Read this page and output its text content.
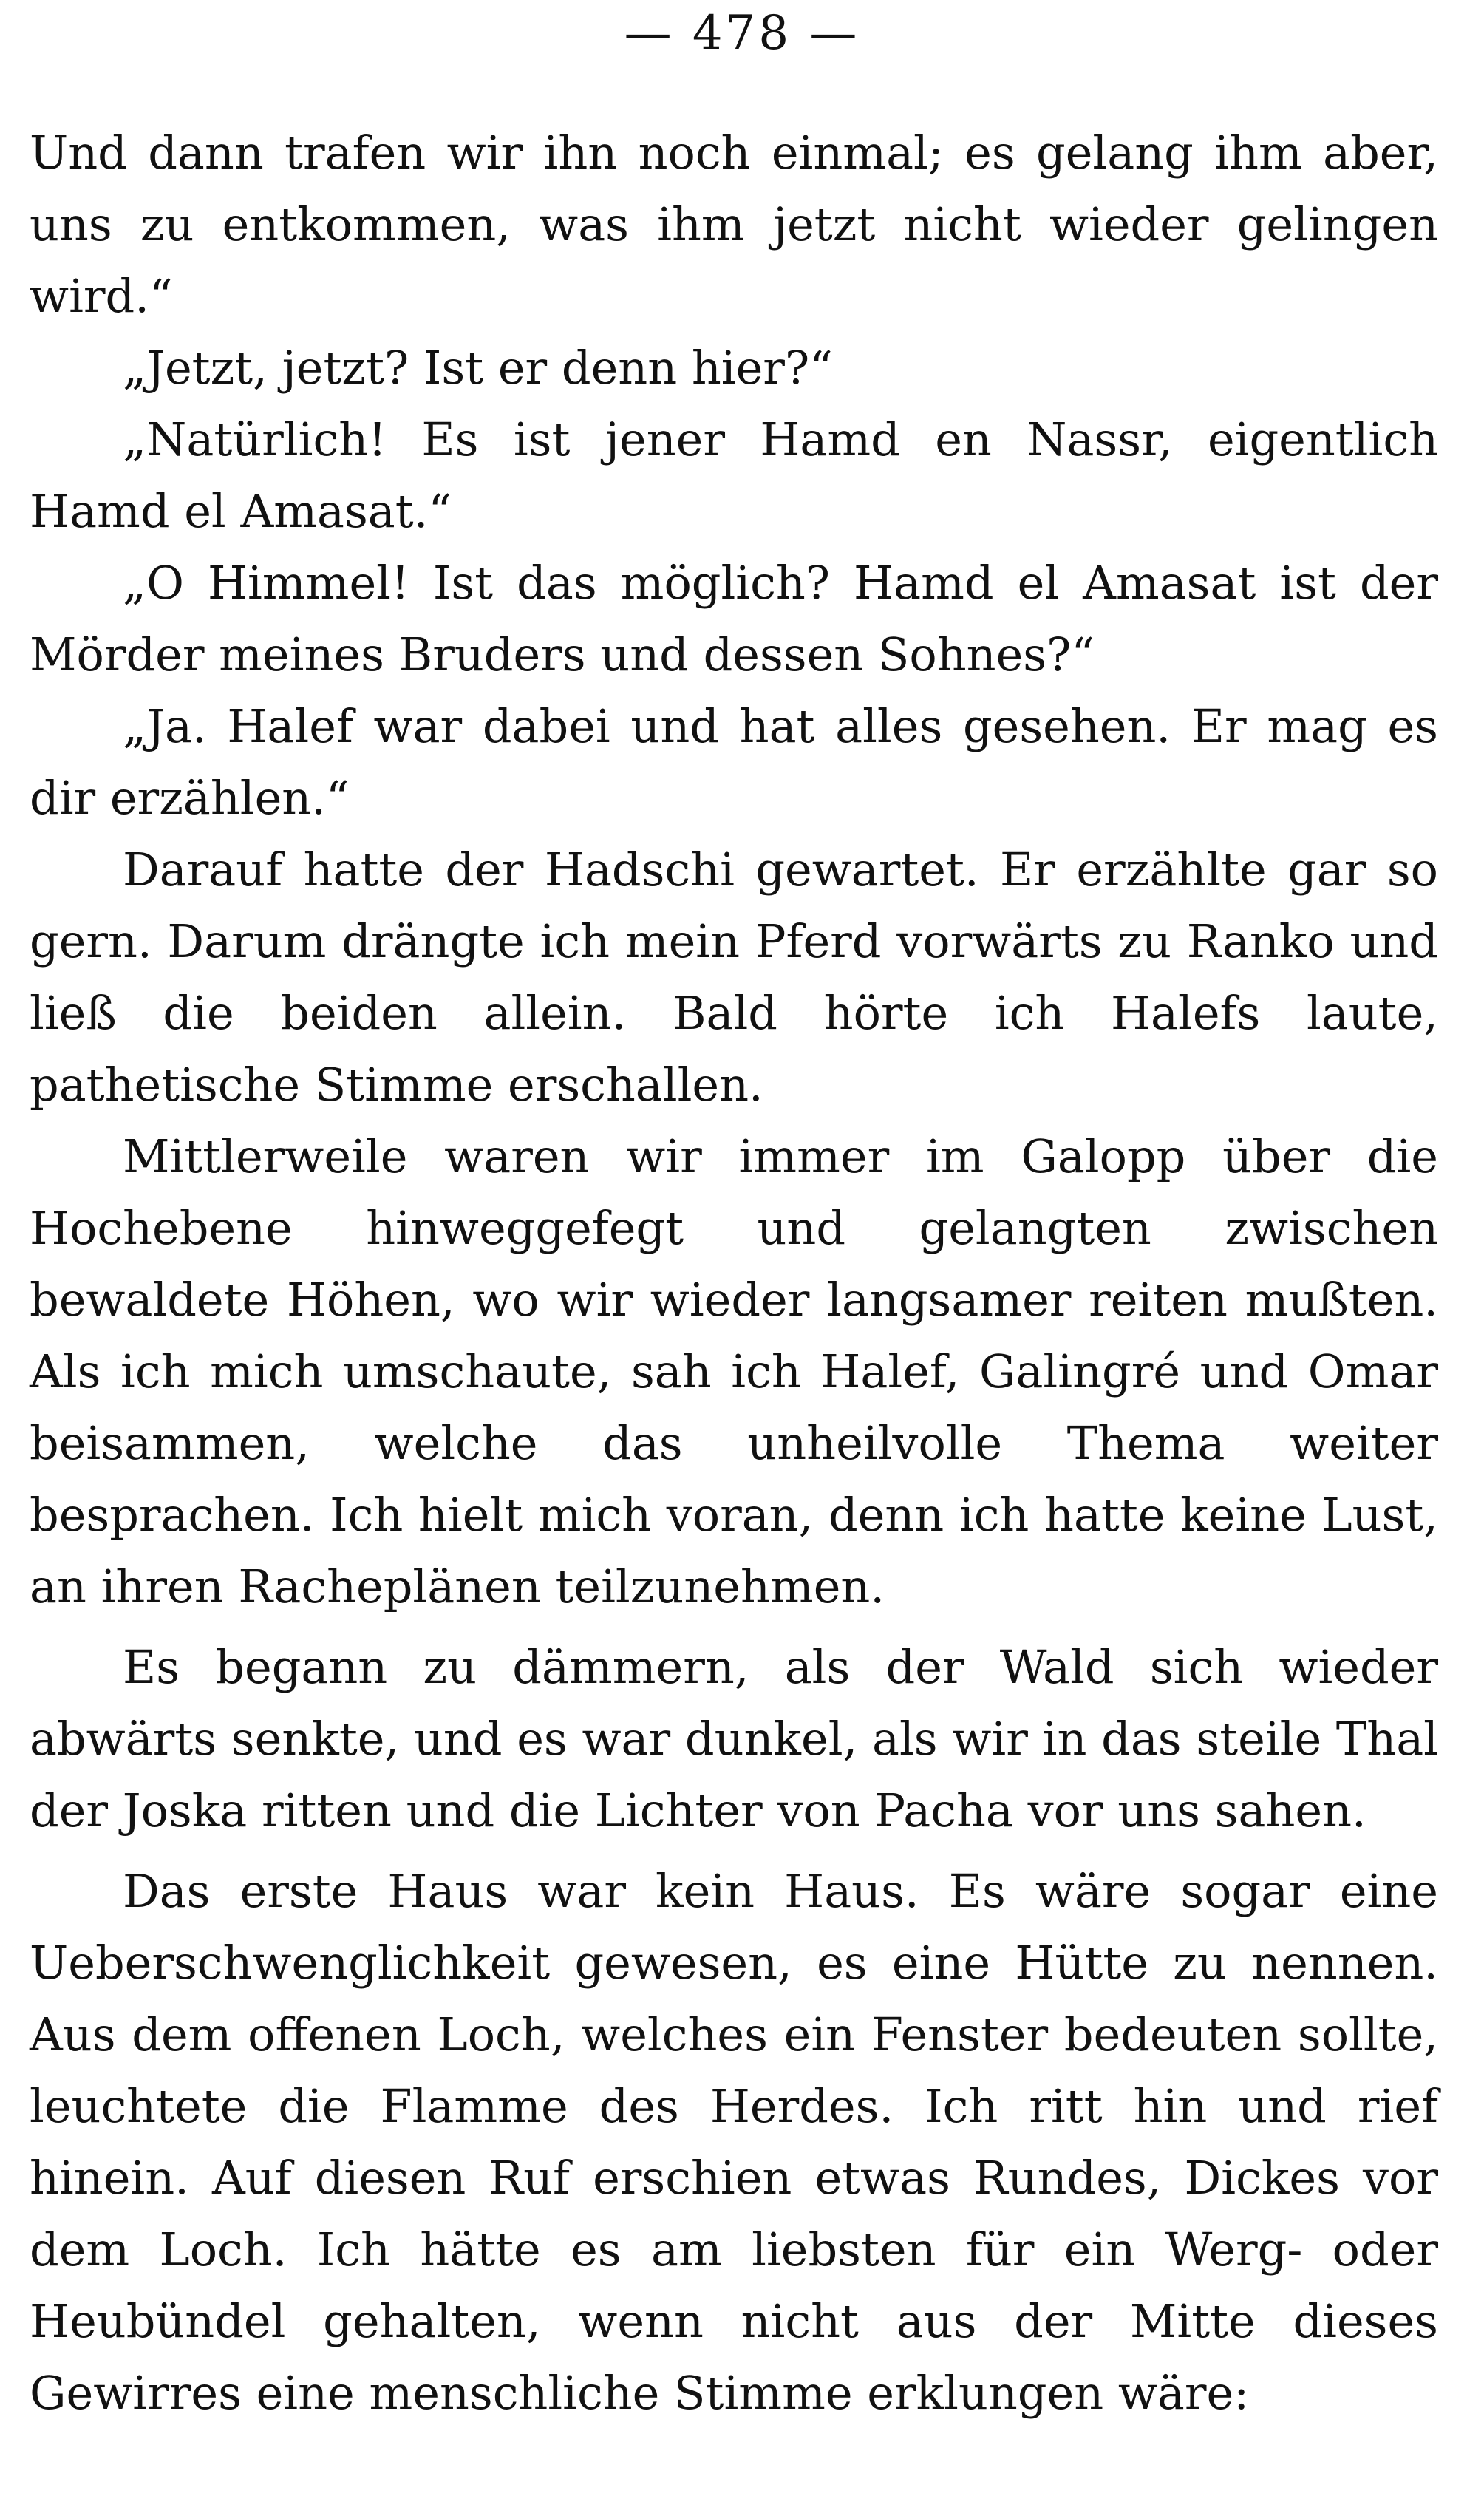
— 478 —

Und dann trafen wir ihn noch einmal; es gelang ihm aber, uns zu entkommen, was ihm jetzt nicht wieder gelingen wird.“

„Jetzt, jetzt? Ist er denn hier?“

„Natürlich! Es ist jener Hamd en Nassr, eigentlich Hamd el Amasat.“

„O Himmel! Ist das möglich? Hamd el Amasat ist der Mörder meines Bruders und dessen Sohnes?“

„Ja. Halef war dabei und hat alles gesehen. Er mag es dir erzählen.“

Darauf hatte der Hadschi gewartet. Er erzählte gar so gern. Darum drängte ich mein Pferd vorwärts zu Ranko und ließ die beiden allein. Bald hörte ich Halefs laute, pathetische Stimme erschallen.

Mittlerweile waren wir immer im Galopp über die Hochebene hinweggefegt und gelangten zwischen bewaldete Höhen, wo wir wieder langsamer reiten mußten. Als ich mich umschaute, sah ich Halef, Galingré und Omar beisammen, welche das unheilvolle Thema weiter besprachen. Ich hielt mich voran, denn ich hatte keine Lust, an ihren Racheplänen teilzunehmen.

Es begann zu dämmern, als der Wald sich wieder abwärts senkte, und es war dunkel, als wir in das steile Thal der Joska ritten und die Lichter von Pacha vor uns sahen.

Das erste Haus war kein Haus. Es wäre sogar eine Ueberschwenglichkeit gewesen, es eine Hütte zu nennen. Aus dem offenen Loch, welches ein Fenster bedeuten sollte, leuchtete die Flamme des Herdes. Ich ritt hin und rief hinein. Auf diesen Ruf erschien etwas Rundes, Dickes vor dem Loch. Ich hätte es am liebsten für ein Werg- oder Heubündel gehalten, wenn nicht aus der Mitte dieses Gewirres eine menschliche Stimme erklungen wäre:
